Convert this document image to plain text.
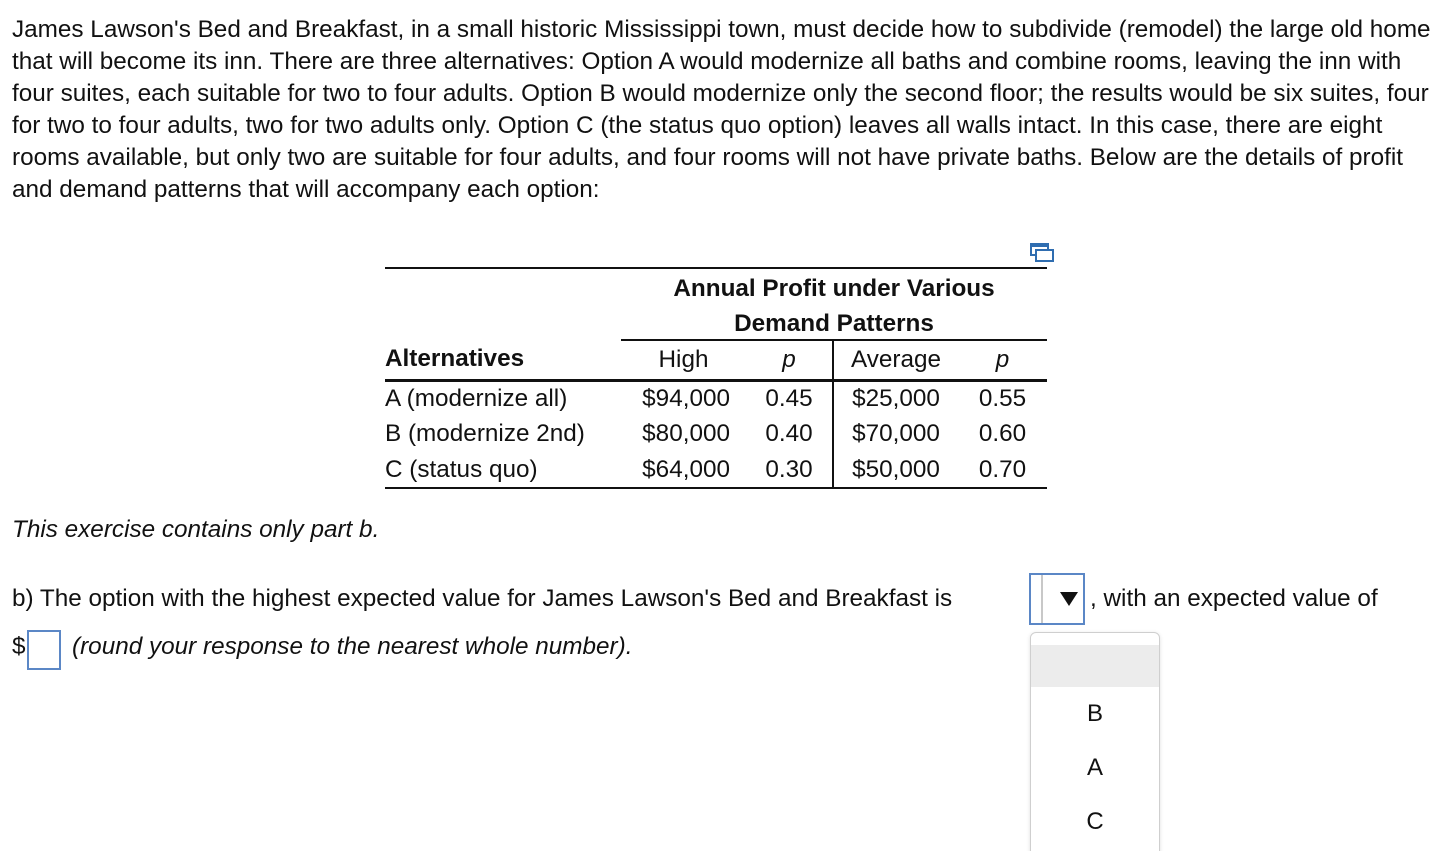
James Lawson's Bed and Breakfast, in a small historic Mississippi town, must decide how to subdivide (remodel) the large old home that will become its inn. There are three alternatives: Option A would modernize all baths and combine rooms, leaving the inn with four suites, each suitable for two to four adults. Option B would modernize only the second floor; the results would be six suites, four for two to four adults, two for two adults only. Option C (the status quo option) leaves all walls intact. In this case, there are eight rooms available, but only two are suitable for four adults, and four rooms will not have private baths. Below are the details of profit and demand patterns that will accompany each option:

	Annual Profit under Various			
	Demand Patterns			
Alternatives	High	p	Average	p
A (modernize all)	$94,000	0.45	$25,000	0.55
B (modernize 2nd)	$80,000	0.40	$70,000	0.60
C (status quo)	$64,000	0.30	$50,000	0.70

This exercise contains only part b.

b) The option with the highest expected value for James Lawson's Bed and Breakfast is	, with an expected value of

$ (round your response to the nearest whole number).
B
A
C
